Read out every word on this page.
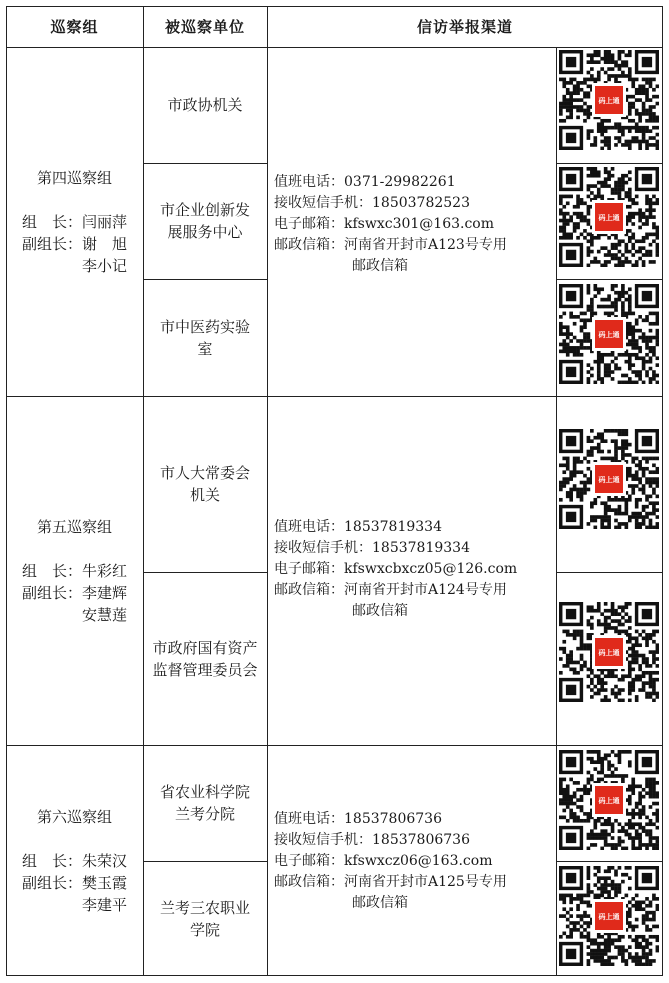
巡察组	被巡察单位	信访举报渠道
第四巡察组
组　长：闫丽萍
副组长：谢　旭
李小记
市政协机关
市企业创新发展服务中心
市中医药实验室
值班电话：0371-29982261
接收短信手机：18503782523
电子邮箱：kfswxc301@163.com
邮政信箱：河南省开封市A123号专用
邮政信箱
第五巡察组
组　长：牛彩红
副组长：李建辉
安慧莲
市人大常委会机关
市政府国有资产监督管理委员会
值班电话：18537819334
接收短信手机：18537819334
电子邮箱：kfswxcbxcz05@126.com
邮政信箱：河南省开封市A124号专用
邮政信箱
第六巡察组
组　长：朱荣汉
副组长：樊玉霞
李建平
省农业科学院兰考分院
兰考三农职业学院
值班电话：18537806736
接收短信手机：18537806736
电子邮箱：kfswxcz06@163.com
邮政信箱：河南省开封市A125号专用
邮政信箱
码上通
码上通
码上通
码上通
码上通
码上通
码上通
